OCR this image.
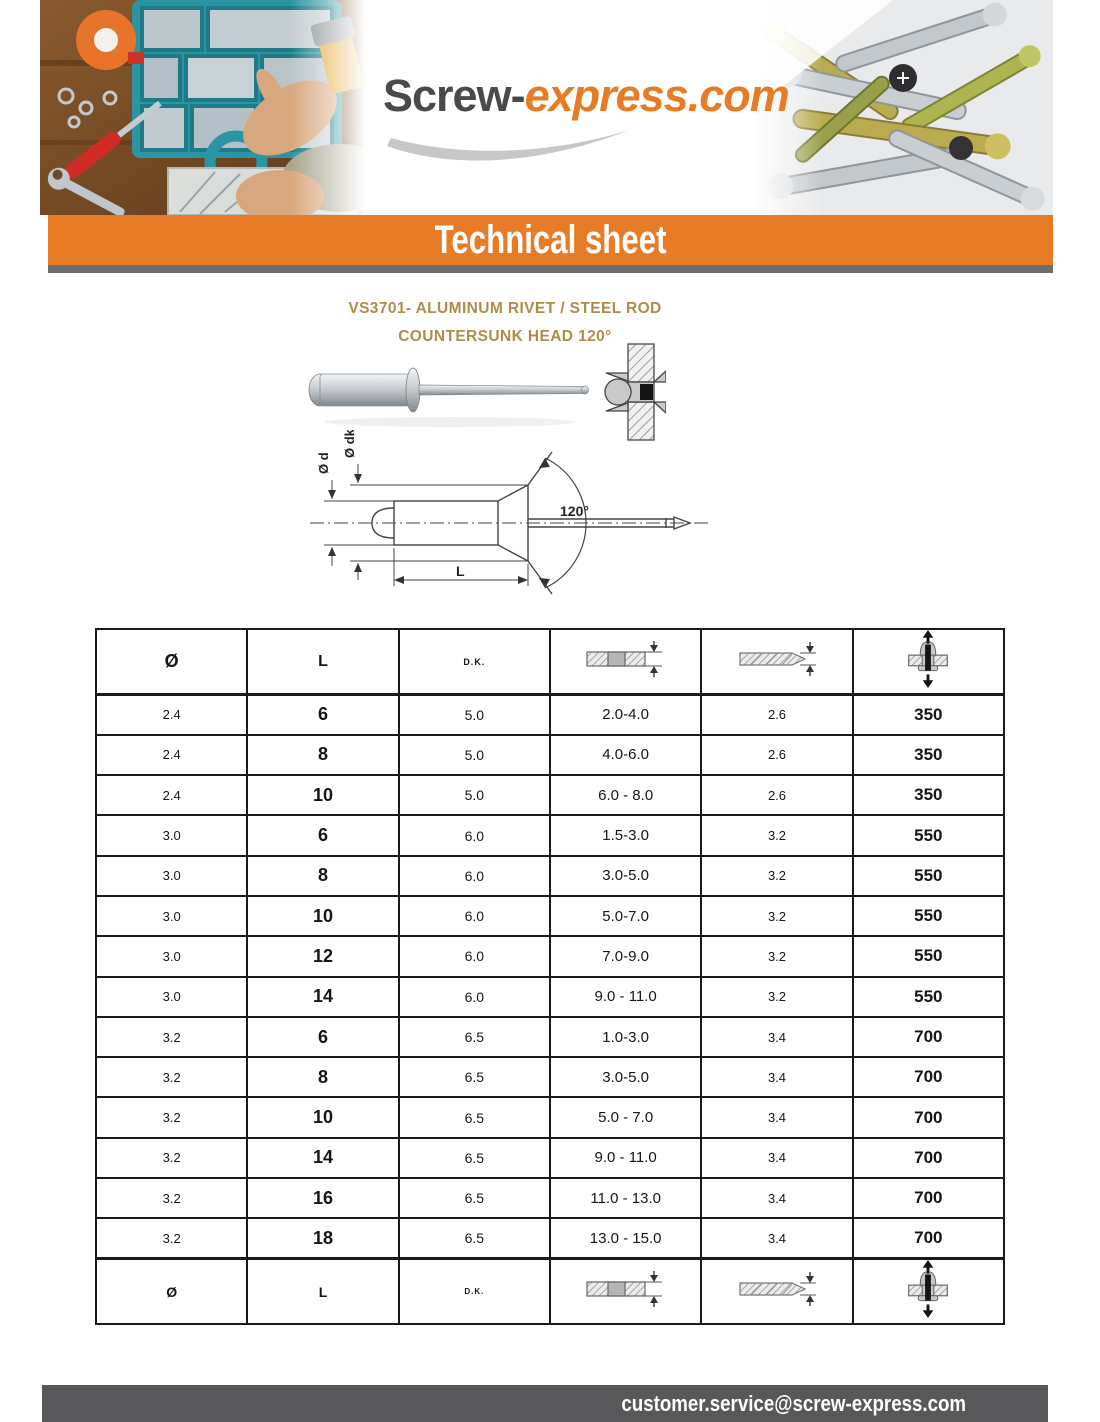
Screw-express.com
Technical sheet
VS3701- ALUMINUM RIVET / STEEL ROD
COUNTERSUNK HEAD 120°
Ø d
Ø dk
120°
L
Ø	L	D.K.			
2.4	6	5.0	2.0-4.0	2.6	350
2.4	8	5.0	4.0-6.0	2.6	350
2.4	10	5.0	6.0 - 8.0	2.6	350
3.0	6	6.0	1.5-3.0	3.2	550
3.0	8	6.0	3.0-5.0	3.2	550
3.0	10	6.0	5.0-7.0	3.2	550
3.0	12	6.0	7.0-9.0	3.2	550
3.0	14	6.0	9.0 - 11.0	3.2	550
3.2	6	6.5	1.0-3.0	3.4	700
3.2	8	6.5	3.0-5.0	3.4	700
3.2	10	6.5	5.0 - 7.0	3.4	700
3.2	14	6.5	9.0 - 11.0	3.4	700
3.2	16	6.5	11.0 - 13.0	3.4	700
3.2	18	6.5	13.0 - 15.0	3.4	700
Ø	L	D.K.			
customer.service@screw-express.com
